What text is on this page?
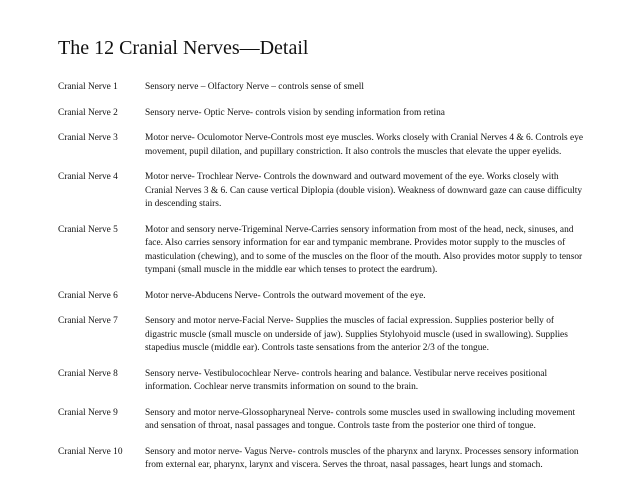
The 12 Cranial Nerves—Detail
Cranial Nerve 1	Sensory nerve – Olfactory Nerve – controls sense of smell
Cranial Nerve 2	Sensory nerve- Optic Nerve- controls vision by sending information from retina
Cranial Nerve 3	Motor nerve- Oculomotor Nerve-Controls most eye muscles. Works closely with Cranial Nerves 4 & 6. Controls eye movement, pupil dilation, and pupillary constriction. It also controls the muscles that elevate the upper eyelids.
Cranial Nerve 4	Motor nerve- Trochlear Nerve- Controls the downward and outward movement of the eye. Works closely with Cranial Nerves 3 & 6. Can cause vertical Diplopia (double vision). Weakness of downward gaze can cause difficulty in descending stairs.
Cranial Nerve 5	Motor and sensory nerve-Trigeminal Nerve-Carries sensory information from most of the head, neck, sinuses, and face. Also carries sensory information for ear and tympanic membrane. Provides motor supply to the muscles of masticulation (chewing), and to some of the muscles on the floor of the mouth. Also provides motor supply to tensor tympani (small muscle in the middle ear which tenses to protect the eardrum).
Cranial Nerve 6	Motor nerve-Abducens Nerve- Controls the outward movement of the eye.
Cranial Nerve 7	Sensory and motor nerve-Facial Nerve- Supplies the muscles of facial expression. Supplies posterior belly of digastric muscle (small muscle on underside of jaw). Supplies Stylohyoid muscle (used in swallowing). Supplies stapedius muscle (middle ear). Controls taste sensations from the anterior 2/3 of the tongue.
Cranial Nerve 8	Sensory nerve- Vestibulocochlear Nerve- controls hearing and balance. Vestibular nerve receives positional information. Cochlear nerve transmits information on sound to the brain.
Cranial Nerve 9	Sensory and motor nerve-Glossopharyneal Nerve- controls some muscles used in swallowing including movement and sensation of throat, nasal passages and tongue. Controls taste from the posterior one third of tongue.
Cranial Nerve 10	Sensory and motor nerve- Vagus Nerve- controls muscles of the pharynx and larynx. Processes sensory information from external ear, pharynx, larynx and viscera. Serves the throat, nasal passages, heart lungs and stomach.
